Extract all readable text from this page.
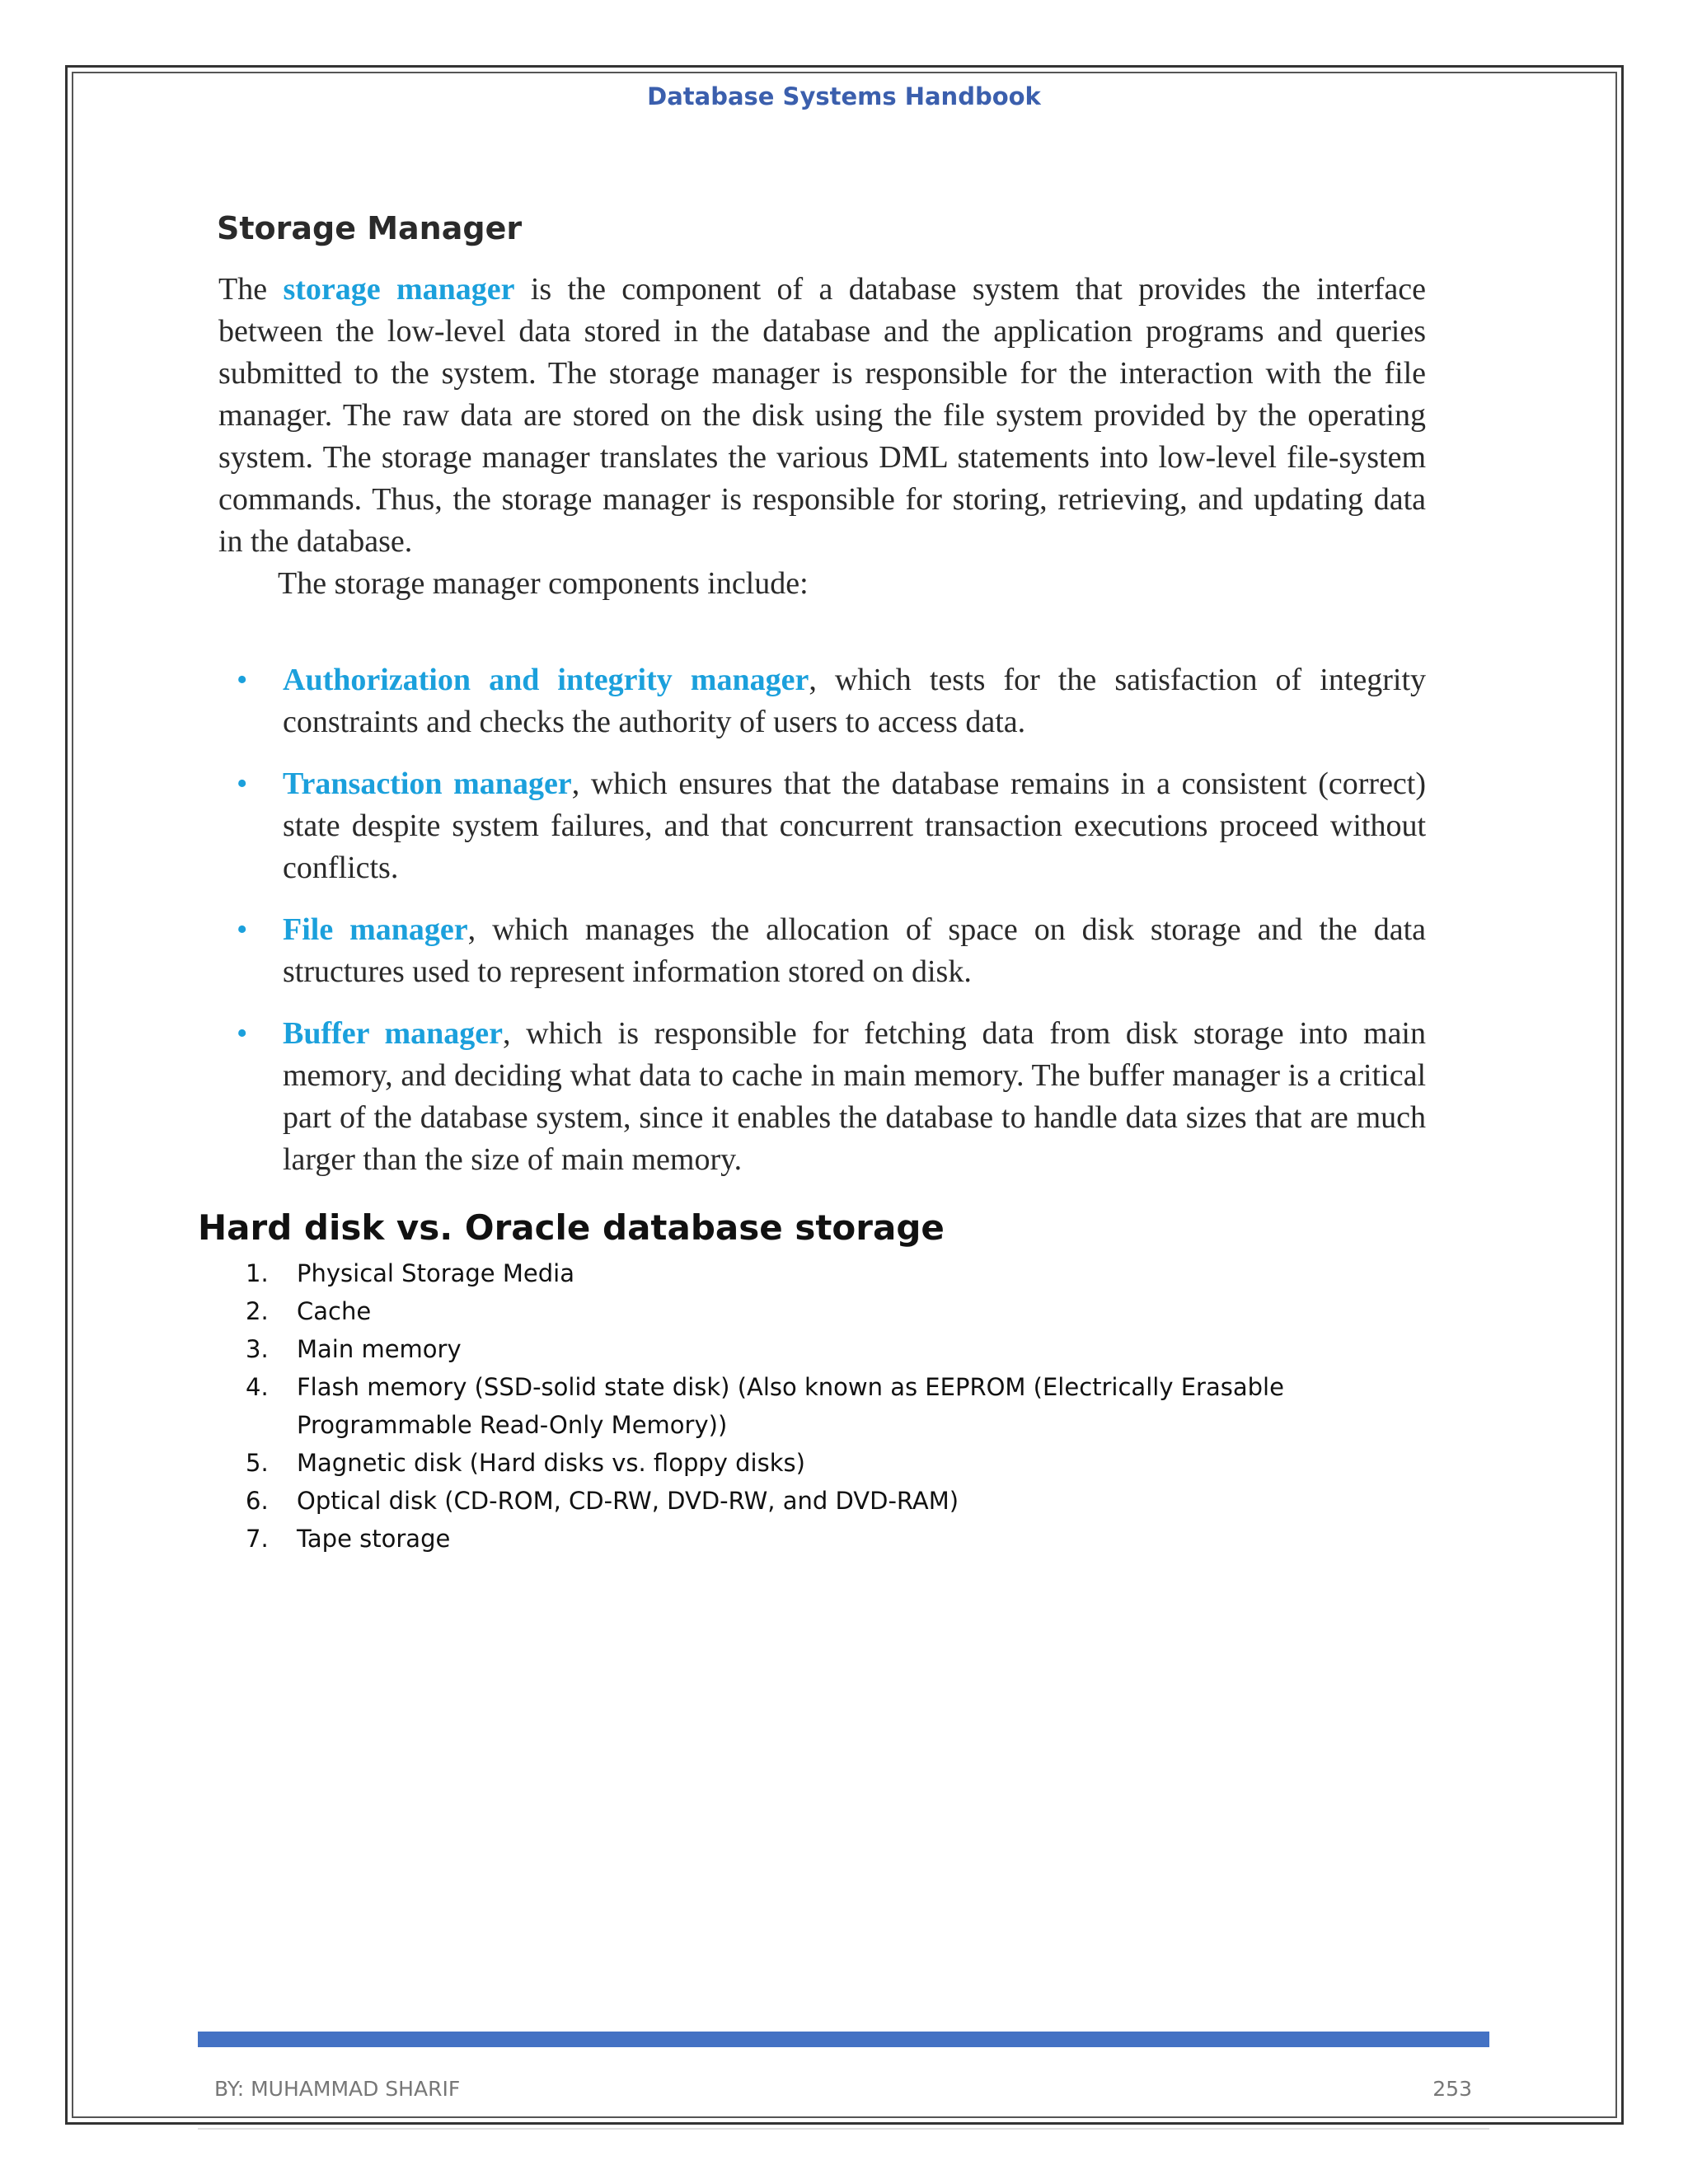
Database Systems Handbook
Storage Manager

The storage manager is the component of a database system that provides the interface between the low-level data stored in the database and the application programs and queries submitted to the system. The storage manager is responsible for the interaction with the file manager. The raw data are stored on the disk using the file system provided by the operating system. The storage manager translates the various DML statements into low-level file-system commands. Thus, the storage manager is responsible for storing, retrieving, and updating data in the database.

The storage manager components include:

• Authorization and integrity manager, which tests for the satisfaction of integrity constraints and checks the authority of users to access data.
• Transaction manager, which ensures that the database remains in a consistent (correct) state despite system failures, and that concurrent transaction executions proceed without conflicts.
• File manager, which manages the allocation of space on disk storage and the data structures used to represent information stored on disk.
• Buffer manager, which is responsible for fetching data from disk storage into main memory, and deciding what data to cache in main memory. The buffer manager is a critical part of the database system, since it enables the database to handle data sizes that are much larger than the size of main memory.
Hard disk vs. Oracle database storage
1. Physical Storage Media
2. Cache
3. Main memory
4. Flash memory (SSD-solid state disk) (Also known as EEPROM (Electrically Erasable Programmable Read-Only Memory))
5. Magnetic disk (Hard disks vs. floppy disks)
6. Optical disk (CD-ROM, CD-RW, DVD-RW, and DVD-RAM)
7. Tape storage
BY: MUHAMMAD SHARIF	253
